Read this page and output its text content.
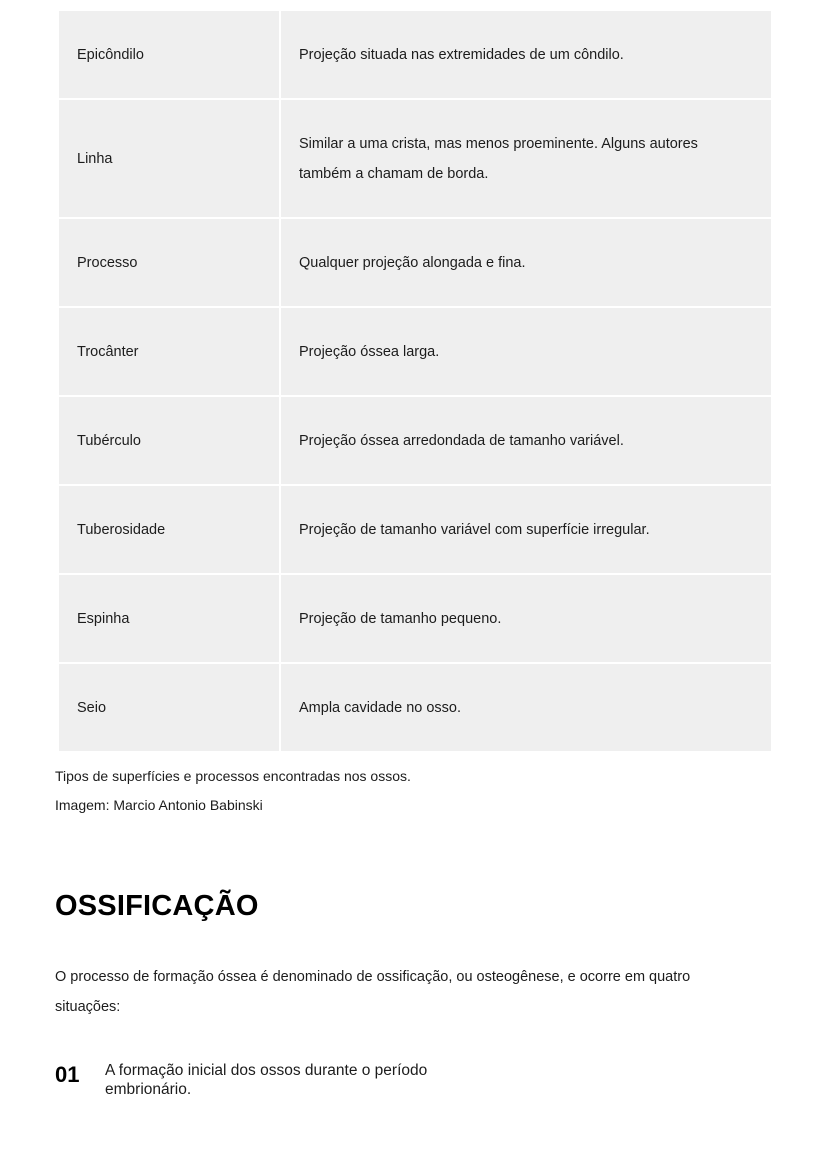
Epicôndilo	Projeção situada nas extremidades de um côndilo.
Linha	Similar a uma crista, mas menos proeminente. Alguns autores também a chamam de borda.
Processo	Qualquer projeção alongada e fina.
Trocânter	Projeção óssea larga.
Tubérculo	Projeção óssea arredondada de tamanho variável.
Tuberosidade	Projeção de tamanho variável com superfície irregular.
Espinha	Projeção de tamanho pequeno.
Seio	Ampla cavidade no osso.
Tipos de superfícies e processos encontradas nos ossos.
Imagem: Marcio Antonio Babinski
OSSIFICAÇÃO

O processo de formação óssea é denominado de ossificação, ou osteogênese, e ocorre em quatro situações:

01	A formação inicial dos ossos durante o período embrionário.
